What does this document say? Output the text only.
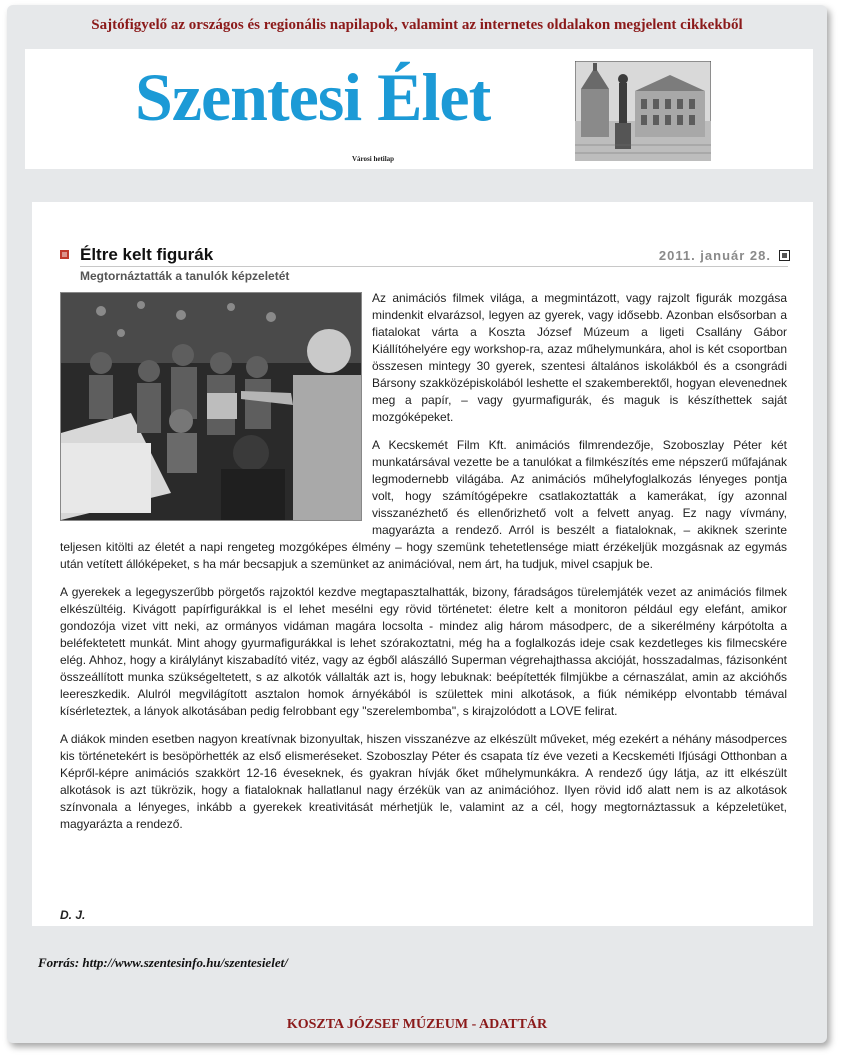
Sajtófigyelő az országos és regionális napilapok, valamint az internetes oldalakon megjelent cikkekből
Szentesi Élet
Városi hetilap
Éltre kelt figurák	2011. január 28.
Megtornáztatták a tanulók képzeletét

Az animációs filmek világa, a megmintázott, vagy rajzolt figurák mozgása mindenkit elvarázsol, legyen az gyerek, vagy idősebb. Azonban elsősorban a fiatalokat várta a Koszta József Múzeum a ligeti Csallány Gábor Kiállítóhelyére egy workshop-ra, azaz műhelymunkára, ahol is két csoportban összesen mintegy 30 gyerek, szentesi általános iskolákból és a csongrádi Bársony szakközépiskolából leshette el szakemberektől, hogyan elevenednek meg a papír, – vagy gyurmafigurák, és maguk is készíthettek saját mozgóképeket.

A Kecskemét Film Kft. animációs filmrendezője, Szoboszlay Péter két munkatársával vezette be a tanulókat a filmkészítés eme népszerű műfajának legmodernebb világába. Az animációs műhelyfoglalkozás lényeges pontja volt, hogy számítógépekre csatlakoztatták a kamerákat, így azonnal visszanézhető és ellenőrizhető volt a felvett anyag. Ez nagy vívmány, magyarázta a rendező. Arról is beszélt a fiataloknak, – akiknek szerinte teljesen kitölti az életét a napi rengeteg mozgóképes élmény – hogy szemünk tehetetlensége miatt érzékeljük mozgásnak az egymás után vetített állóképeket, s ha már becsapjuk a szemünket az animációval, nem árt, ha tudjuk, mivel csapjuk be.

A gyerekek a legegyszerűbb pörgetős rajzoktól kezdve megtapasztalhatták, bizony, fáradságos türelemjáték vezet az animációs filmek elkészültéig. Kivágott papírfigurákkal is el lehet mesélni egy rövid történetet: életre kelt a monitoron például egy elefánt, amikor gondozója vizet vitt neki, az ormányos vidáman magára locsolta - mindez alig három másodperc, de a sikerélmény kárpótolta a beléfektetett munkát. Mint ahogy gyurmafigurákkal is lehet szórakoztatni, még ha a foglalkozás ideje csak kezdetleges kis filmecskére elég. Ahhoz, hogy a királylányt kiszabadító vitéz, vagy az égből alászálló Superman végrehajthassa akcióját, hosszadalmas, fázisonként összeállított munka szükségeltetett, s az alkotók vállalták azt is, hogy lebuknak: beépítették filmjükbe a cérnaszálat, amin az akcióhős leereszkedik. Alulról megvilágított asztalon homok árnyékából is születtek mini alkotások, a fiúk némiképp elvontabb témával kísérleteztek, a lányok alkotásában pedig felrobbant egy "szerelembomba", s kirajzolódott a LOVE felirat.

A diákok minden esetben nagyon kreatívnak bizonyultak, hiszen visszanézve az elkészült műveket, még ezekért a néhány másodperces kis történetekért is besöpörhették az első elismeréseket. Szoboszlay Péter és csapata tíz éve vezeti a Kecskeméti Ifjúsági Otthonban a Képről-képre animációs szakkört 12-16 éveseknek, és gyakran hívják őket műhelymunkákra. A rendező úgy látja, az itt elkészült alkotások is azt tükrözik, hogy a fiataloknak hallatlanul nagy érzékük van az animációhoz. Ilyen rövid idő alatt nem is az alkotások színvonala a lényeges, inkább a gyerekek kreativitását mérhetjük le, valamint az a cél, hogy megtornáztassuk a képzeletüket, magyarázta a rendező.

D. J.
Forrás: http://www.szentesinfo.hu/szentesielet/
KOSZTA JÓZSEF MÚZEUM - ADATTÁR
